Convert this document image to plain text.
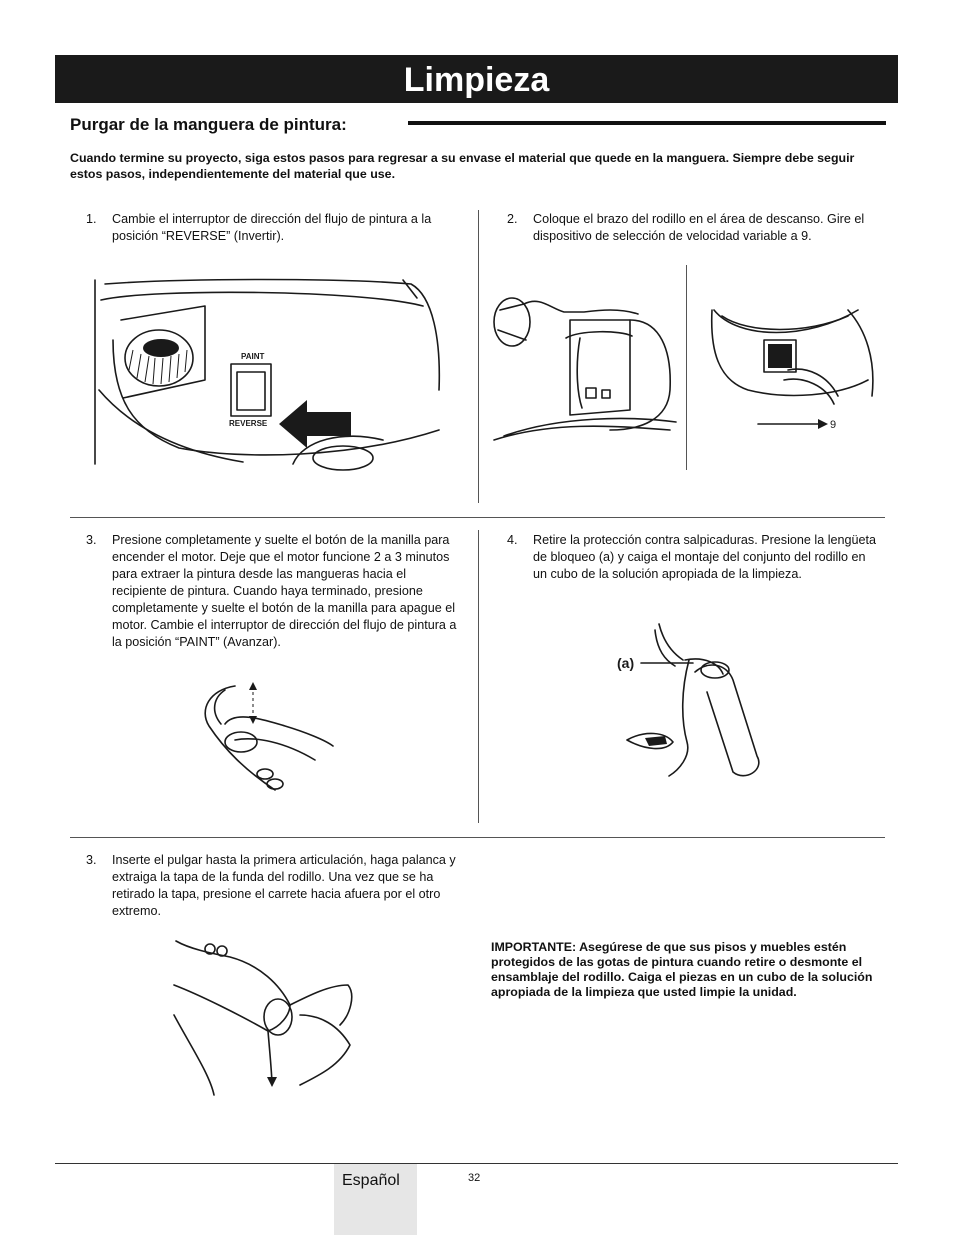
Limpieza
Purgar de la manguera de pintura:
Cuando termine su proyecto, siga estos pasos para regresar a su envase el material que quede en la manguera. Siempre debe seguir estos pasos, independientemente del material que use.
1. Cambie el interruptor de dirección del flujo de pintura a la posición “REVERSE” (Invertir).
2. Coloque el brazo del rodillo en el área de descanso. Gire el dispositivo de selección de velocidad variable a 9.
3. Presione completamente y suelte el botón de la manilla para encender el motor. Deje que el motor funcione 2 a 3 minutos para extraer la pintura desde las mangueras hacia el recipiente de pintura. Cuando haya terminado, presione completamente y suelte el botón de la manilla para apague el motor. Cambie el interruptor de dirección del flujo de pintura a la posición “PAINT” (Avanzar).
4. Retire la protección contra salpicaduras. Presione la lengüeta de bloqueo (a) y caiga el montaje del conjunto del rodillo en un cubo de la solución apropiada de la limpieza.
3. Inserte el pulgar hasta la primera articulación, haga palanca y extraiga la tapa de la funda del rodillo. Una vez que se ha retirado la tapa, presione el carrete hacia afuera por el otro extremo.
PAINT
REVERSE	9
(a)
IMPORTANTE: Asegúrese de que sus pisos y muebles estén protegidos de las gotas de pintura cuando retire o desmonte el ensamblaje del rodillo. Caiga el piezas en un cubo de la solución apropiada de la limpieza que usted limpie la unidad.
Español	32
